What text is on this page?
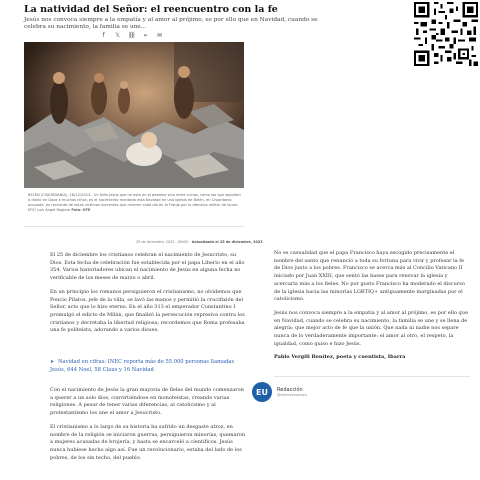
La natividad del Señor: el reencuentro con la fe
Jesús nos convoca siempre a la empatía y al amor al prójimo, es por ello que en Navidad, cuando se celebra su nacimiento, la familia se une...
f	𝕏 ⛓ ➢ ✉
BELEN (CISJORDANIA), 18/12/2023.- Un Niño Jesús que no está en el pesebre sino entre ruinas, como las que sepultan a diario en Gaza a muchos niños, es el nacimiento montado esta Navidad en una iglesia de Belén, en Cisjordania ocupada, en recuerdo de estas víctimas inocentes que mueren cada día en la Franja por la ofensiva militar de Israel. EFE/ Luis Ángel Reglero Foto: EFE
25 de diciembre, 2023 - 00h00 Actualizado el 25 de diciembre, 2023

El 25 de diciembre los cristianos celebran el nacimiento de Jesucristo, su Dios. Esta fecha de celebración fue establecida por el papa Liberio en el año 354. Varios historiadores ubican el nacimiento de Jesús en alguna fecha no verificable de los meses de marzo o abril.

En un principio los romanos persiguieron el cristianismo, no olvidemos que Poncio Pilatos, jefe de la villa, se lavó las manos y permitió la crucifixión del Señor, acto que lo hizo eterno. En el año 313 el emperador Constantino I promulgó el edicto de Milán, que finalizó la persecución represiva contra los cristianos y decretaba la libertad religiosa; recordemos que Roma profesaba una fe politeísta, adorando a varios dioses.

➤ Navidad en cifras: INEC reporta más de 55.000 personas llamadas Jesús, 644 Noel, 58 Claus y 16 Navidad

Con el nacimiento de Jesús la gran mayoría de fieles del mundo comenzaron a querer a un solo dios, convirtiéndose en monoteístas, creando varias religiones. A pesar de tener varias diferencias, al catolicismo y al protestantismo los une el amor a Jesucristo.

El cristianismo a lo largo de su historia ha sufrido un desgaste atroz, en nombre de la religión se iniciaron guerras, persiguieron minorías, quemaron a mujeres acusadas de brujería, y hasta se encarceló a científicos. Jesús nunca hubiese hecho algo así. Fue un revolucionario, estaba del lado de los pobres, de los sin techo, del pueblo.

No es casualidad que el papa Francisco haya escogido precisamente el nombre del santo que renunció a toda su fortuna para vivir y profesar la fe de Dios junto a los pobres. Francisco se acerca más al Concilio Vaticano II iniciado por Juan XXIII, que sentó las bases para renovar la iglesia y acercarla más a los fieles. No por gusto Francisco ha moderado el discurso de la iglesia hacia las minorías LGBTIQ+ antiguamente marginadas por el catolicismo.

Jesús nos convoca siempre a la empatía y al amor al prójimo, es por ello que en Navidad, cuando se celebra su nacimiento, la familia se une y se llena de alegría; que mejor acto de fe que la unión. Que nada ni nadie nos separe nunca de lo verdaderamente importante: el amor al otro, el respeto, la igualdad, como quiso e hizo Jesús.

Pablo Vergili Benítez, poeta y cuentista, Ibarra

EU	Redacción
@eluniversocom
